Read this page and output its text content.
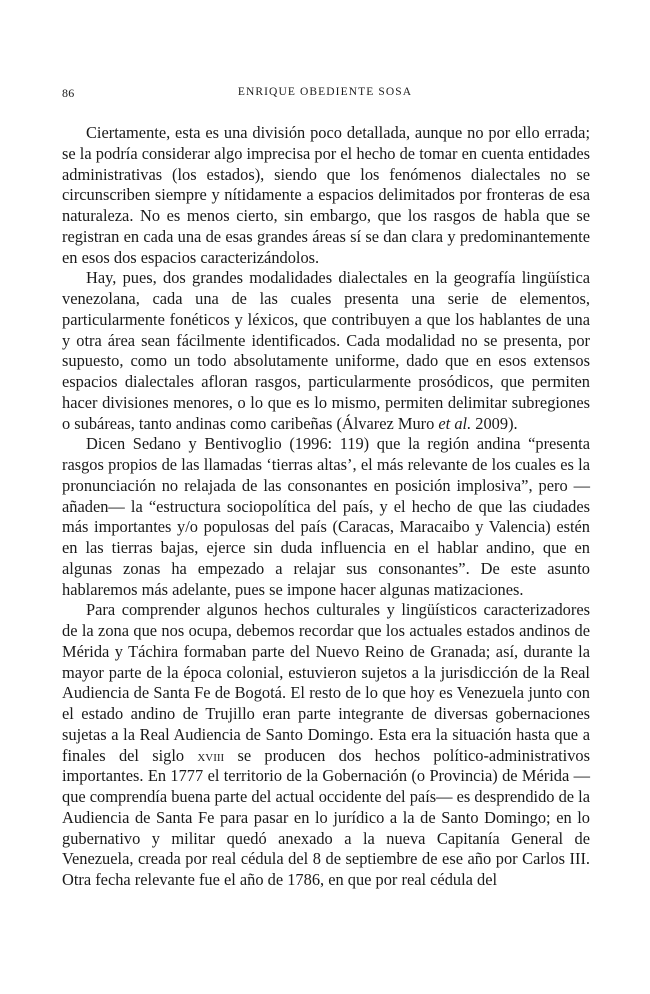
86	ENRIQUE OBEDIENTE SOSA

Ciertamente, esta es una división poco detallada, aunque no por ello errada; se la podría considerar algo imprecisa por el hecho de tomar en cuenta entidades administrativas (los estados), siendo que los fenómenos dialectales no se circunscriben siempre y nítidamente a espacios delimitados por fronteras de esa naturaleza. No es menos cierto, sin embargo, que los rasgos de habla que se registran en cada una de esas grandes áreas sí se dan clara y predominantemente en esos dos espacios caracterizándolos.

Hay, pues, dos grandes modalidades dialectales en la geografía lingüística venezolana, cada una de las cuales presenta una serie de elementos, particularmente fonéticos y léxicos, que contribuyen a que los hablantes de una y otra área sean fácilmente identificados. Cada modalidad no se presenta, por supuesto, como un todo absolutamente uniforme, dado que en esos extensos espacios dialectales afloran rasgos, particularmente prosódicos, que permiten hacer divisiones menores, o lo que es lo mismo, permiten delimitar subregiones o subáreas, tanto andinas como caribeñas (Álvarez Muro et al. 2009).

Dicen Sedano y Bentivoglio (1996: 119) que la región andina “presenta rasgos propios de las llamadas ‘tierras altas’, el más relevante de los cuales es la pronunciación no relajada de las consonantes en posición implosiva”, pero —añaden— la “estructura sociopolítica del país, y el hecho de que las ciudades más importantes y/o populosas del país (Caracas, Maracaibo y Valencia) estén en las tierras bajas, ejerce sin duda influencia en el hablar andino, que en algunas zonas ha empezado a relajar sus consonantes”. De este asunto hablaremos más adelante, pues se impone hacer algunas matizaciones.

Para comprender algunos hechos culturales y lingüísticos caracterizadores de la zona que nos ocupa, debemos recordar que los actuales estados andinos de Mérida y Táchira formaban parte del Nuevo Reino de Granada; así, durante la mayor parte de la época colonial, estuvieron sujetos a la jurisdicción de la Real Audiencia de Santa Fe de Bogotá. El resto de lo que hoy es Venezuela junto con el estado andino de Trujillo eran parte integrante de diversas gobernaciones sujetas a la Real Audiencia de Santo Domingo. Esta era la situación hasta que a finales del siglo xviii se producen dos hechos político-administrativos importantes. En 1777 el territorio de la Gobernación (o Provincia) de Mérida —que comprendía buena parte del actual occidente del país— es desprendido de la Audiencia de Santa Fe para pasar en lo jurídico a la de Santo Domingo; en lo gubernativo y militar quedó anexado a la nueva Capitanía General de Venezuela, creada por real cédula del 8 de septiembre de ese año por Carlos III. Otra fecha relevante fue el año de 1786, en que por real cédula del
